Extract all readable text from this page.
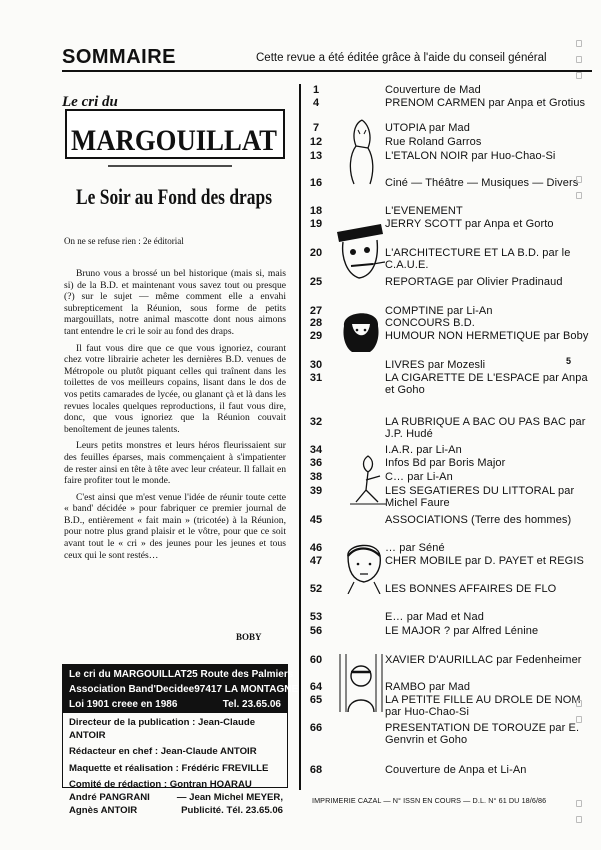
SOMMAIRE	Cette revue a été éditée grâce à l'aide du conseil général
Le cri du
MARGOUILLAT
Le Soir au Fond des draps
On ne se refuse rien : 2e éditorial

Bruno vous a brossé un bel historique (mais si, mais si) de la B.D. et maintenant vous savez tout ou presque (?) sur le sujet — même comment elle a envahi subrepticement la Réunion, sous forme de petits margouillats, notre animal mascotte dont nous aimons tant entendre le cri le soir au fond des draps.

Il faut vous dire que ce que vous ignoriez, courant chez votre librairie acheter les dernières B.D. venues de Métropole ou plutôt piquant celles qui traînent dans les toilettes de vos meilleurs copains, lisant dans le dos de vos petits camarades de lycée, ou glanant çà et là dans les revues locales quelques reproductions, il faut vous dire, donc, que vous ignoriez que la Réunion couvait benoîtement de jeunes talents.

Leurs petits monstres et leurs héros fleurissaient sur des feuilles éparses, mais commençaient à s'impatienter de rester ainsi en tête à tête avec leur créateur. Il fallait en faire profiter tout le monde.

C'est ainsi que m'est venue l'idée de réunir toute cette « band' décidée » pour fabriquer ce premier journal de B.D., entièrement « fait main » (tricotée) à la Réunion, pour notre plus grand plaisir et le vôtre, pour que ce soit avant tout le « cri » des jeunes pour les jeunes et tous ceux qui le sont restés…

BOBY
Le cri du MARGOUILLAT 25 Route des Palmiers
Association Band'Decidee 97417 LA MONTAGNE
Loi 1901 creee en 1986	Tel. 23.65.06
Directeur de la publication : Jean-Claude ANTOIR
Rédacteur en chef : Jean-Claude ANTOIR
Maquette et réalisation : Frédéric FREVILLE
Comité de rédaction : Gontran HOARAU
André PANGRANI	— Jean Michel MEYER,
Agnès ANTOIR	Publicité. Tél. 23.65.06
1	Couverture de Mad
4	PRENOM CARMEN par Anpa et Grotius
7	UTOPIA par Mad
12	Rue Roland Garros
13	L'ETALON NOIR par Huo-Chao-Si
16	Ciné — Théâtre — Musiques — Divers
18	L'EVENEMENT
19	JERRY SCOTT par Anpa et Gorto
20	L'ARCHITECTURE ET LA B.D. par le C.A.U.E.
25	REPORTAGE par Olivier Pradinaud
27	COMPTINE par Li-An
28	CONCOURS B.D.
29	HUMOUR NON HERMETIQUE par Boby
30	LIVRES par Mozesli
31	LA CIGARETTE DE L'ESPACE par Anpa et Goho
32	LA RUBRIQUE A BAC OU PAS BAC par J.P. Hudé
34	I.A.R. par Li-An
36	Infos Bd par Boris Major
38	C… par Li-An
39	LES SEGATIERES DU LITTORAL par Michel Faure
45	ASSOCIATIONS (Terre des hommes)
46	… par Séné
47	CHER MOBILE par D. PAYET et REGIS
52	LES BONNES AFFAIRES DE FLO
53	E… par Mad et Nad
56	LE MAJOR ? par Alfred Lénine
60	XAVIER D'AURILLAC par Fedenheimer
64	RAMBO par Mad
65	LA PETITE FILLE AU DROLE DE NOM par Huo-Chao-Si
66	PRESENTATION DE TOROUZE par E. Genvrin et Goho
68	Couverture de Anpa et Li-An
IMPRIMERIE CAZAL — N° ISSN EN COURS — D.L. N° 61 DU 18/6/86
5
